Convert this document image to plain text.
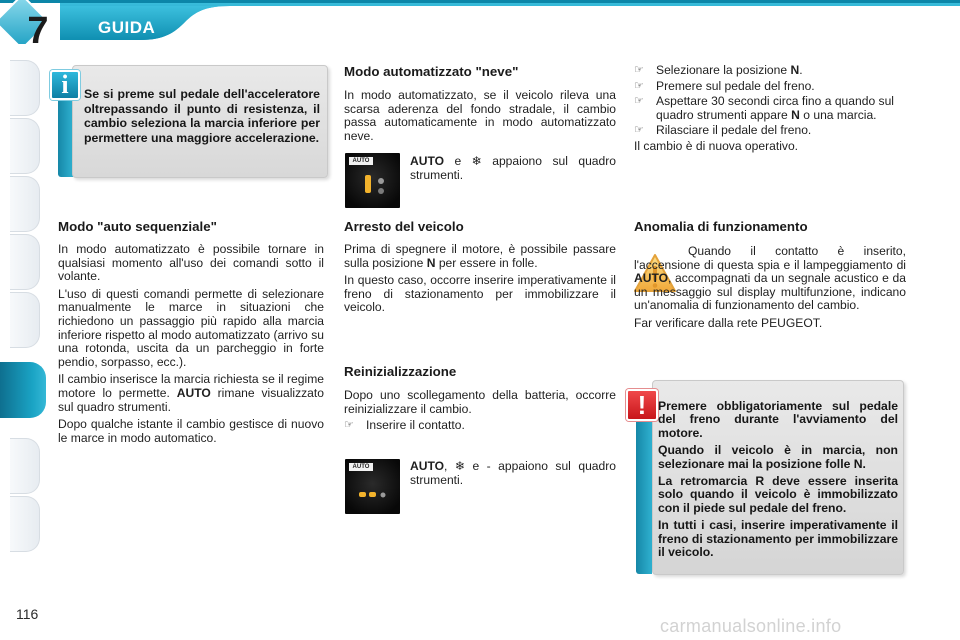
7	GUIDA
i	Se si preme sul pedale dell'acceleratore oltrepassando il punto di resistenza, il cambio seleziona la marcia inferiore per permettere una maggiore accelerazione.
Modo "auto sequenziale"

In modo automatizzato è possibile tornare in qualsiasi momento all'uso dei comandi sotto il volante.

L'uso di questi comandi permette di selezionare manualmente le marce in situazioni che richiedono un passaggio più rapido alla marcia inferiore rispetto al modo automatizzato (arrivo su una rotonda, uscita da un parcheggio in forte pendio, sorpasso, ecc.).

Il cambio inserisce la marcia richiesta se il regime motore lo permette. AUTO rimane visualizzato sul quadro strumenti.

Dopo qualche istante il cambio gestisce di nuovo le marce in modo automatico.

Modo automatizzato "neve"
In modo automatizzato, se il veicolo rileva una scarsa aderenza del fondo stradale, il cambio passa automaticamente in modo automatizzato neve.
AUTO	AUTO e ❄ appaiono sul quadro strumenti.
Arresto del veicolo

Prima di spegnere il motore, è possibile passare sulla posizione N per essere in folle.

In questo caso, occorre inserire imperativamente il freno di stazionamento per immobilizzare il veicolo.

Reinizializzazione
Dopo uno scollegamento della batteria, occorre reinizializzare il cambio.
☞ Inserire il contatto.
AUTO	AUTO, ❄ e - appaiono sul quadro strumenti.
☞ Selezionare la posizione N.
☞ Premere sul pedale del freno.
☞ Aspettare 30 secondi circa fino a quando sul quadro strumenti appare N o una marcia.
☞ Rilasciare il pedale del freno.
Il cambio è di nuova operativo.
Anomalia di funzionamento

Quando il contatto è inserito, l'accensione di questa spia e il lampeggiamento di AUTO, accompagnati da un segnale acustico e da un messaggio sul display multifunzione, indicano un'anomalia di funzionamento del cambio.

Far verificare dalla rete PEUGEOT.

! Premere obbligatoriamente sul pedale del freno durante l'avviamento del motore.

Quando il veicolo è in marcia, non selezionare mai la posizione folle N.

La retromarcia R deve essere inserita solo quando il veicolo è immobilizzato con il piede sul pedale del freno.

In tutti i casi, inserire imperativamente il freno di stazionamento per immobilizzare il veicolo.

116
carmanualsonline.info
